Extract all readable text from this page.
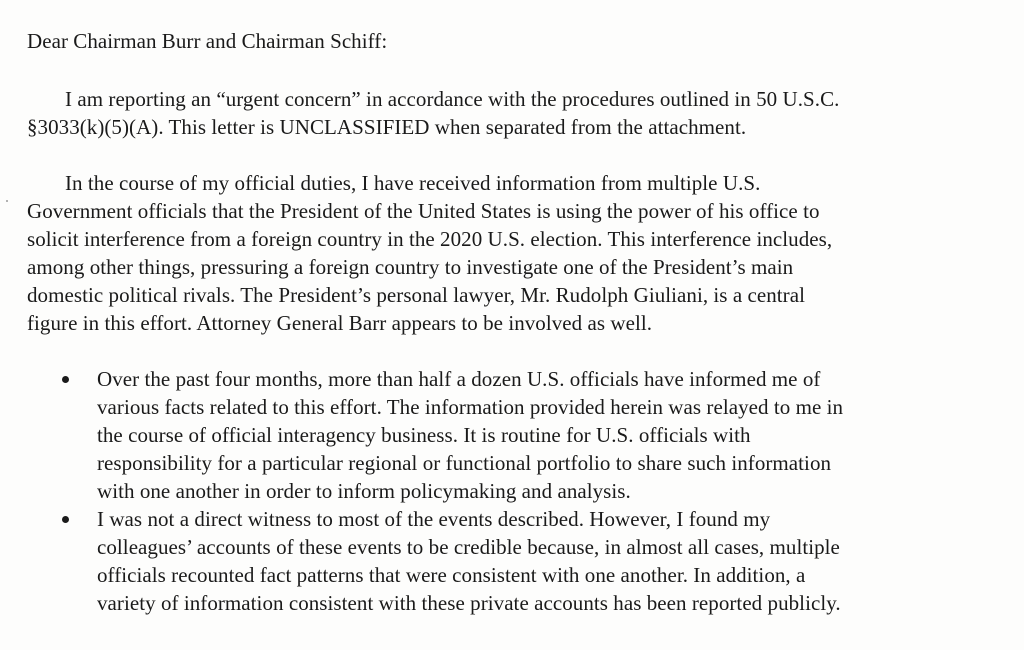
Dear Chairman Burr and Chairman Schiff:

I am reporting an “urgent concern” in accordance with the procedures outlined in 50 U.S.C.
§3033(k)(5)(A). This letter is UNCLASSIFIED when separated from the attachment.

In the course of my official duties, I have received information from multiple U.S.
Government officials that the President of the United States is using the power of his office to
solicit interference from a foreign country in the 2020 U.S. election. This interference includes,
among other things, pressuring a foreign country to investigate one of the President’s main
domestic political rivals. The President’s personal lawyer, Mr. Rudolph Giuliani, is a central
figure in this effort. Attorney General Barr appears to be involved as well.

Over the past four months, more than half a dozen U.S. officials have informed me of
various facts related to this effort. The information provided herein was relayed to me in
the course of official interagency business. It is routine for U.S. officials with
responsibility for a particular regional or functional portfolio to share such information
with one another in order to inform policymaking and analysis.
I was not a direct witness to most of the events described. However, I found my
colleagues’ accounts of these events to be credible because, in almost all cases, multiple
officials recounted fact patterns that were consistent with one another. In addition, a
variety of information consistent with these private accounts has been reported publicly.
